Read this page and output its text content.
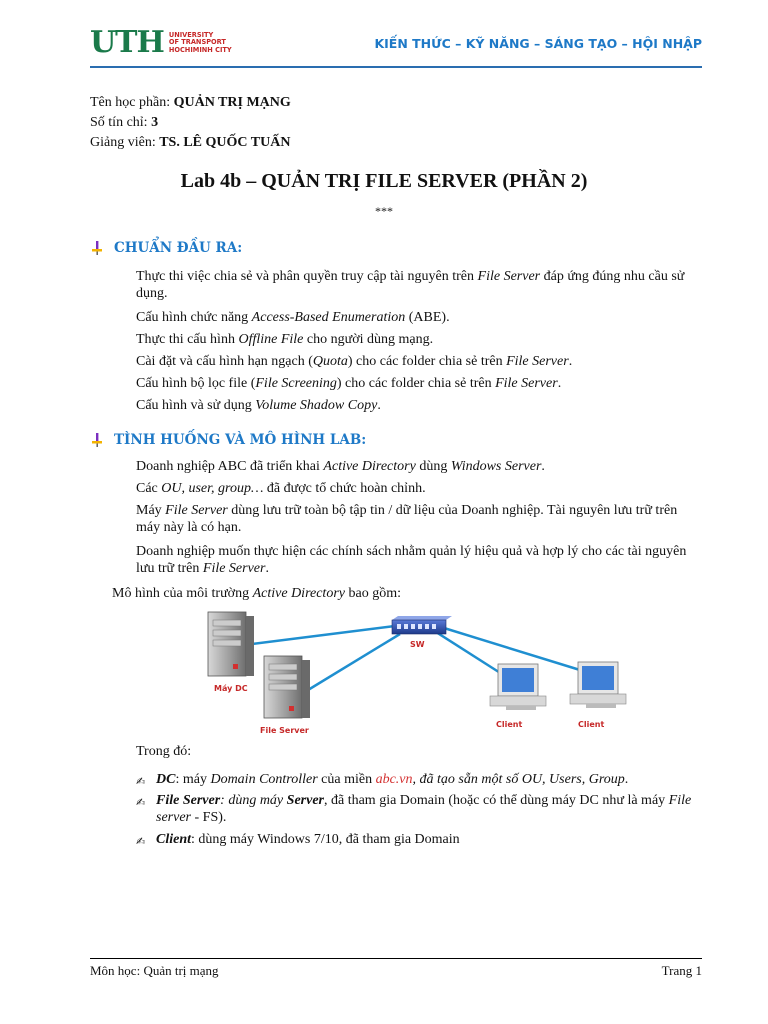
UTH UNIVERSITY
OF TRANSPORT
HOCHIMINH CITY	KIẾN THỨC – KỸ NĂNG – SÁNG TẠO – HỘI NHẬP
Tên học phần: QUẢN TRỊ MẠNG
Số tín chỉ: 3
Giảng viên: TS. LÊ QUỐC TUẤN
Lab 4b – QUẢN TRỊ FILE SERVER (PHẦN 2)
***
CHUẨN ĐẦU RA:
Thực thi việc chia sẻ và phân quyền truy cập tài nguyên trên File Server đáp ứng đúng nhu cầu sử dụng.
Cấu hình chức năng Access-Based Enumeration (ABE).
Thực thi cấu hình Offline File cho người dùng mạng.
Cài đặt và cấu hình hạn ngạch (Quota) cho các folder chia sẻ trên File Server.
Cấu hình bộ lọc file (File Screening) cho các folder chia sẻ trên File Server.
Cấu hình và sử dụng Volume Shadow Copy.
TÌNH HUỐNG VÀ MÔ HÌNH LAB:
Doanh nghiệp ABC đã triển khai Active Directory dùng Windows Server.
Các OU, user, group… đã được tổ chức hoàn chỉnh.
Máy File Server dùng lưu trữ toàn bộ tập tin / dữ liệu của Doanh nghiệp. Tài nguyên lưu trữ trên máy này là có hạn.
Doanh nghiệp muốn thực hiện các chính sách nhằm quản lý hiệu quả và hợp lý cho các tài nguyên lưu trữ trên File Server.
Mô hình của môi trường Active Directory bao gồm:
Máy DC
File Server
SW
Client	Client
Trong đó:
✍ DC: máy Domain Controller của miền abc.vn, đã tạo sẵn một số OU, Users, Group.
✍ File Server: dùng máy Server, đã tham gia Domain (hoặc có thể dùng máy DC như là máy File server - FS).
✍ Client: dùng máy Windows 7/10, đã tham gia Domain
Môn học: Quản trị mạng	Trang 1
